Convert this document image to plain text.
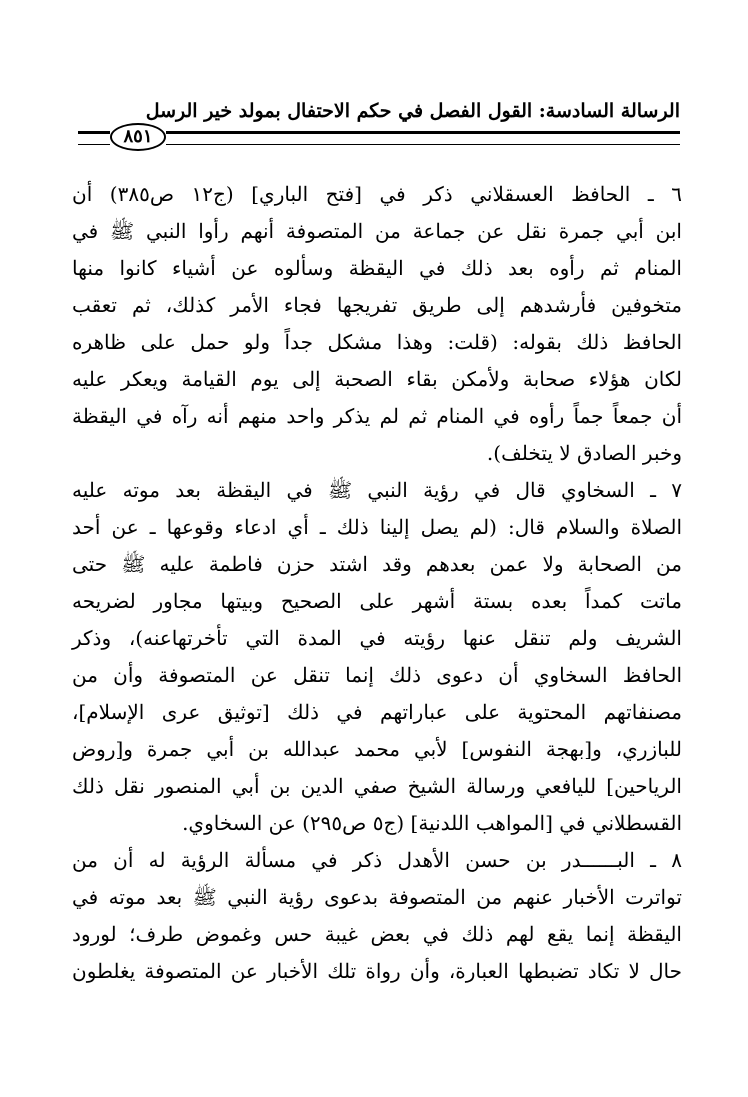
الرسالة السادسة: القول الفصل في حكم الاحتفال بمولد خير الرسل
٨٥١
٦ ـ الحافظ العسقلاني ذكر في [فتح الباري] (ج١٢ ص٣٨٥) أن
ابن أبي جمرة نقل عن جماعة من المتصوفة أنهم رأوا النبي ﷺ في
المنام ثم رأوه بعد ذلك في اليقظة وسألوه عن أشياء كانوا منها
متخوفين فأرشدهم إلى طريق تفريجها فجاء الأمر كذلك، ثم تعقب
الحافظ ذلك بقوله: (قلت: وهذا مشكل جداً ولو حمل على ظاهره
لكان هؤلاء صحابة ولأمكن بقاء الصحبة إلى يوم القيامة ويعكر عليه
أن جمعاً جماً رأوه في المنام ثم لم يذكر واحد منهم أنه رآه في اليقظة
وخبر الصادق لا يتخلف).
٧ ـ السخاوي قال في رؤية النبي ﷺ في اليقظة بعد موته عليه
الصلاة والسلام قال: (لم يصل إلينا ذلك ـ أي ادعاء وقوعها ـ عن أحد
من الصحابة ولا عمن بعدهم وقد اشتد حزن فاطمة عليه ﷺ حتى
ماتت كمداً بعده بستة أشهر على الصحيح وبيتها مجاور لضريحه
الشريف ولم تنقل عنها رؤيته في المدة التي تأخرتهاعنه)، وذكر
الحافظ السخاوي أن دعوى ذلك إنما تنقل عن المتصوفة وأن من
مصنفاتهم المحتوية على عباراتهم في ذلك [توثيق عرى الإسلام]،
للبازري، و[بهجة النفوس] لأبي محمد عبدالله بن أبي جمرة و[روض
الرياحين] لليافعي ورسالة الشيخ صفي الدين بن أبي المنصور نقل ذلك
القسطلاني في [المواهب اللدنية] (ج٥ ص٢٩٥) عن السخاوي.
٨ ـ البــــــدر بن حسن الأهدل ذكر في مسألة الرؤية له أن من
تواترت الأخبار عنهم من المتصوفة بدعوى رؤية النبي ﷺ بعد موته في
اليقظة إنما يقع لهم ذلك في بعض غيبة حس وغموض طرف؛ لورود
حال لا تكاد تضبطها العبارة، وأن رواة تلك الأخبار عن المتصوفة يغلطون
